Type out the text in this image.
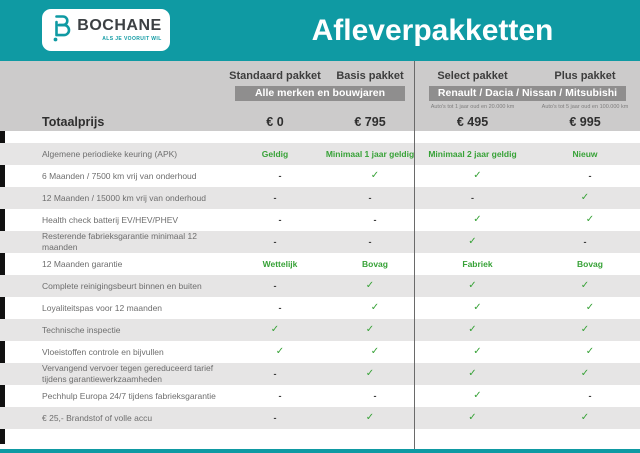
BOCHANE
ALS JE VOORUIT WIL	Afleverpakketten
Standaard pakket	Basis pakket	Select pakket	Plus pakket
Alle merken en bouwjaren	Renault / Dacia / Nissan / Mitsubishi
Auto's tot 1 jaar oud en 20.000 km	Auto's tot 5 jaar oud en 100.000 km
Totaalprijs	€ 0	€ 795	€ 495	€ 995
Algemene periodieke keuring (APK)	Geldig	Minimaal 1 jaar geldig	Minimaal 2 jaar geldig	Nieuw
6 Maanden / 7500 km vrij van onderhoud	-	✓	✓	-
12 Maanden / 15000 km vrij van onderhoud	-	-	-	✓
Health check batterij EV/HEV/PHEV	-	-	✓	✓
Resterende fabrieksgarantie minimaal 12 maanden
-	-	✓	-
12 Maanden garantie	Wettelijk	Bovag	Fabriek	Bovag
Complete reinigingsbeurt binnen en buiten	-	✓	✓	✓
Loyaliteitspas voor 12 maanden	-	✓	✓	✓
Technische inspectie	✓	✓	✓	✓
Vloeistoffen controle en bijvullen	✓	✓	✓	✓
Vervangend vervoer tegen gereduceerd tarief tijdens garantiewerkzaamheden
-	✓	✓	✓
Pechhulp Europa 24/7 tijdens fabrieksgarantie	-	-	✓	-
€ 25,- Brandstof of volle accu	-	✓	✓	✓
